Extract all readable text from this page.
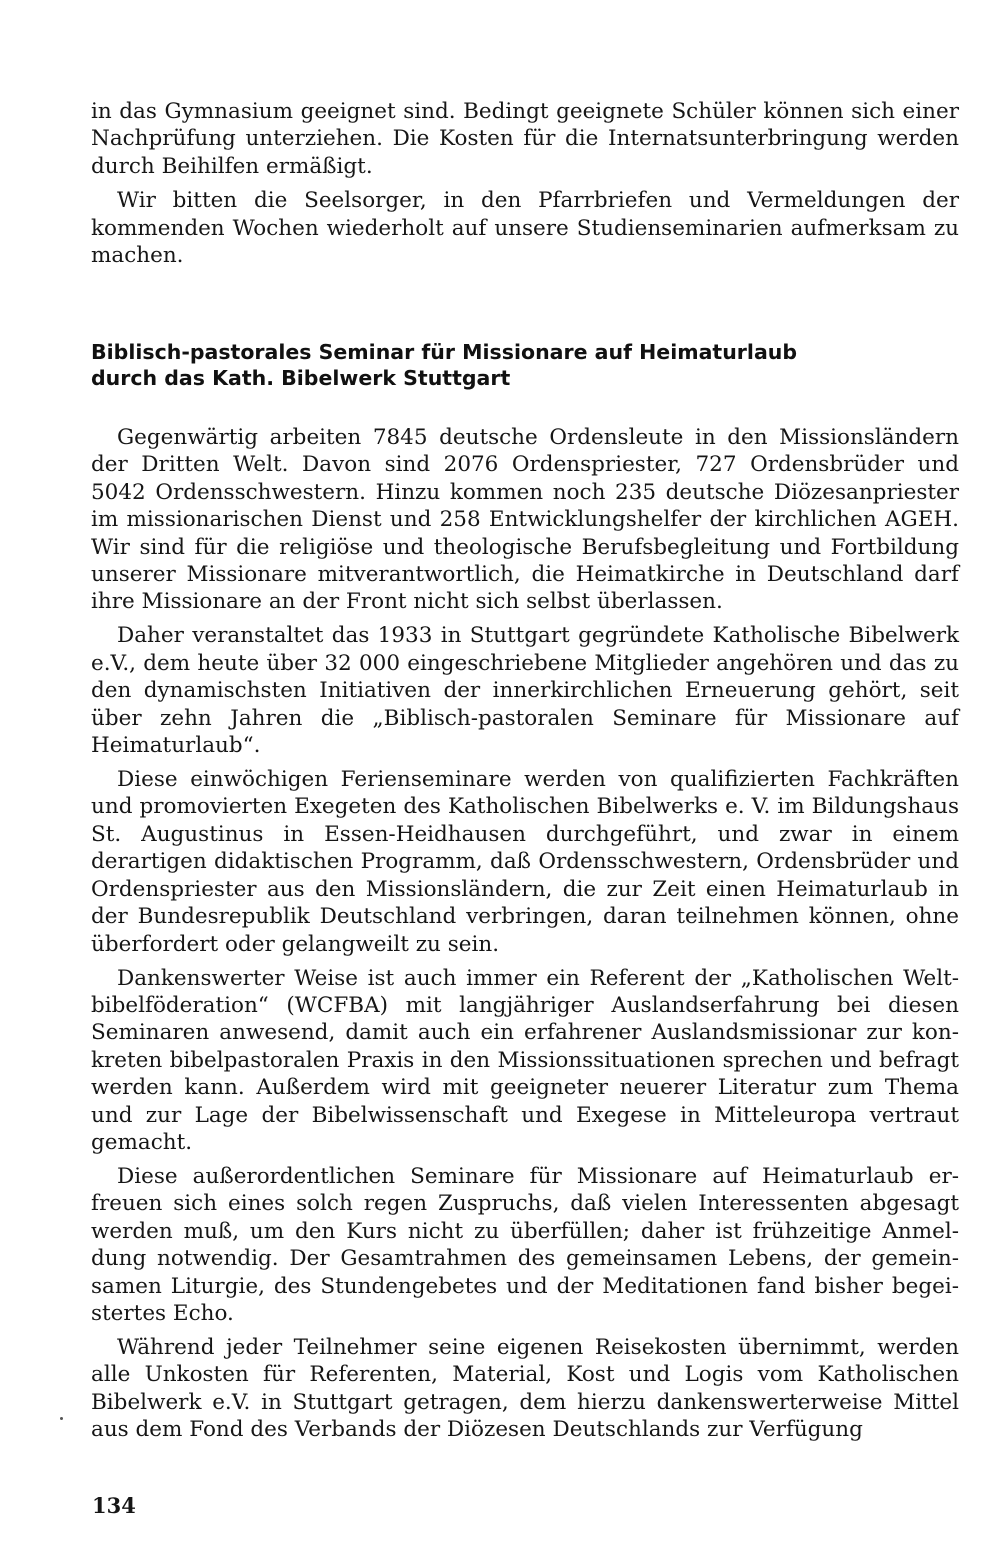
in das Gymnasium geeignet sind. Bedingt geeignete Schüler können sich einer Nachprüfung unterziehen. Die Kosten für die Internatsunterbringung werden durch Beihilfen ermäßigt.

Wir bitten die Seelsorger, in den Pfarrbriefen und Vermeldungen der kommenden Wochen wiederholt auf unsere Studienseminarien aufmerksam zu machen.

Biblisch-pastorales Seminar für Missionare auf Heimaturlaub
durch das Kath. Bibelwerk Stuttgart

Gegenwärtig arbeiten 7845 deutsche Ordensleute in den Missionsländern der Dritten Welt. Davon sind 2076 Ordenspriester, 727 Ordensbrüder und 5042 Ordensschwestern. Hinzu kommen noch 235 deutsche Diözesanpriester im missionarischen Dienst und 258 Entwicklungshelfer der kirchlichen AGEH. Wir sind für die religiöse und theologische Berufsbegleitung und Fortbildung unserer Missionare mitverantwortlich, die Heimatkirche in Deutschland darf ihre Missionare an der Front nicht sich selbst überlassen.

Daher veranstaltet das 1933 in Stuttgart gegründete Katholische Bibelwerk e.V., dem heute über 32 000 eingeschriebene Mitglieder angehören und das zu den dynamischsten Initiativen der innerkirchlichen Erneuerung gehört, seit über zehn Jahren die „Biblisch-pastoralen Seminare für Missionare auf Heimaturlaub“.

Diese einwöchigen Ferienseminare werden von qualifizierten Fachkräften und promovierten Exegeten des Katholischen Bibelwerks e. V. im Bildungshaus St. Augustinus in Essen-Heidhausen durchgeführt, und zwar in einem derartigen didaktischen Programm, daß Ordensschwestern, Ordensbrüder und Ordenspriester aus den Missionsländern, die zur Zeit einen Heimaturlaub in der Bundesrepublik Deutschland verbringen, daran teilnehmen können, ohne überfordert oder gelangweilt zu sein.

Dankenswerter Weise ist auch immer ein Referent der „Katholischen Weltbibelföderation“ (WCFBA) mit langjähriger Auslandserfahrung bei diesen Seminaren anwesend, damit auch ein erfahrener Auslandsmissionar zur konkreten bibelpastoralen Praxis in den Missionssituationen sprechen und befragt werden kann. Außerdem wird mit geeigneter neuerer Literatur zum Thema und zur Lage der Bibelwissenschaft und Exegese in Mitteleuropa vertraut gemacht.

Diese außerordentlichen Seminare für Missionare auf Heimaturlaub erfreuen sich eines solch regen Zuspruchs, daß vielen Interessenten abgesagt werden muß, um den Kurs nicht zu überfüllen; daher ist frühzeitige Anmeldung notwendig. Der Gesamtrahmen des gemeinsamen Lebens, der gemeinsamen Liturgie, des Stundengebetes und der Meditationen fand bisher begeistertes Echo.

Während jeder Teilnehmer seine eigenen Reisekosten übernimmt, werden alle Unkosten für Referenten, Material, Kost und Logis vom Katholischen Bibelwerk e.V. in Stuttgart getragen, dem hierzu dankenswerterweise Mittel aus dem Fond des Verbands der Diözesen Deutschlands zur Verfügung

134
